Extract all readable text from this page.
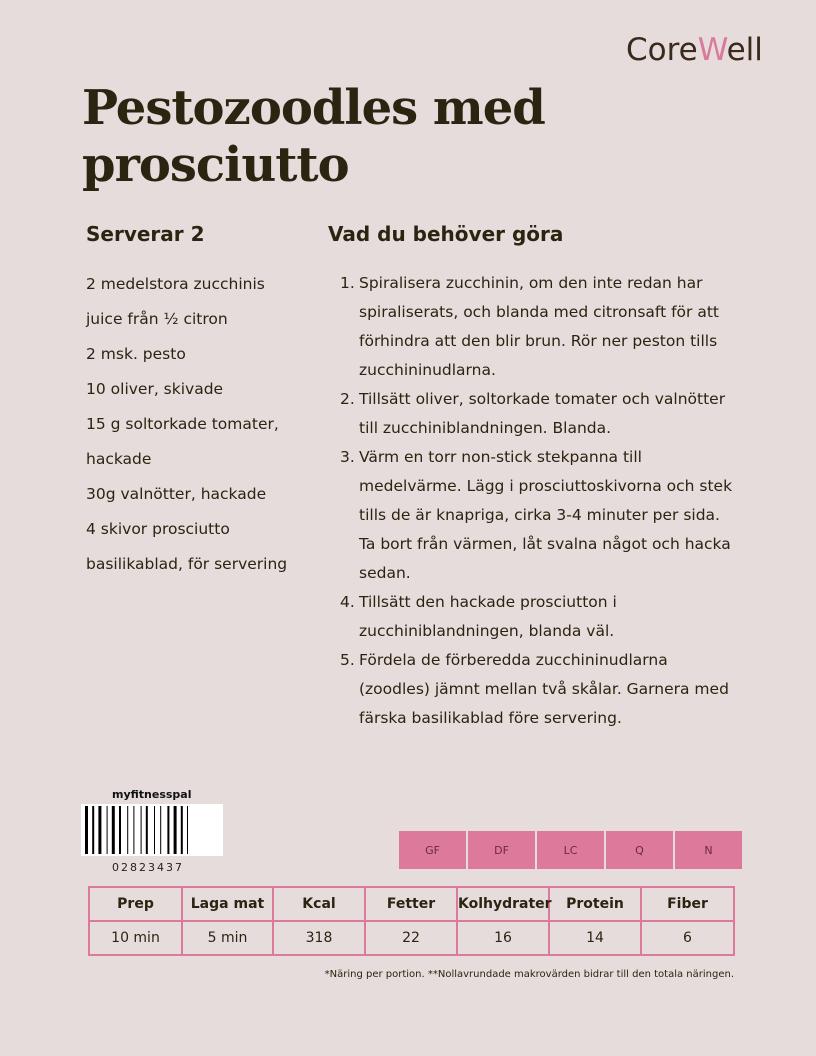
CoreWell
Pestozoodles med prosciutto
Serverar 2	Vad du behöver göra
2 medelstora zucchinis
juice från ½ citron
2 msk. pesto
10 oliver, skivade
15 g soltorkade tomater, hackade
30g valnötter, hackade
4 skivor prosciutto
basilikablad, för servering
1. Spiralisera zucchinin, om den inte redan har spiraliserats, och blanda med citronsaft för att förhindra att den blir brun. Rör ner peston tills zucchininudlarna.
2. Tillsätt oliver, soltorkade tomater och valnötter till zucchiniblandningen. Blanda.
3. Värm en torr non-stick stekpanna till medelvärme. Lägg i prosciuttoskivorna och stek tills de är knapriga, cirka 3-4 minuter per sida. Ta bort från värmen, låt svalna något och hacka sedan.
4. Tillsätt den hackade prosciutton i zucchiniblandningen, blanda väl.
5. Fördela de förberedda zucchininudlarna (zoodles) jämnt mellan två skålar. Garnera med färska basilikablad före servering.
myfitnesspal
02823437
GF	DF	LC	Q	N
Prep	Laga mat	Kcal	Fetter	Kolhydrater	Protein	Fiber
10 min	5 min	318	22	16	14	6
*Näring per portion. **Nollavrundade makrovärden bidrar till den totala näringen.
